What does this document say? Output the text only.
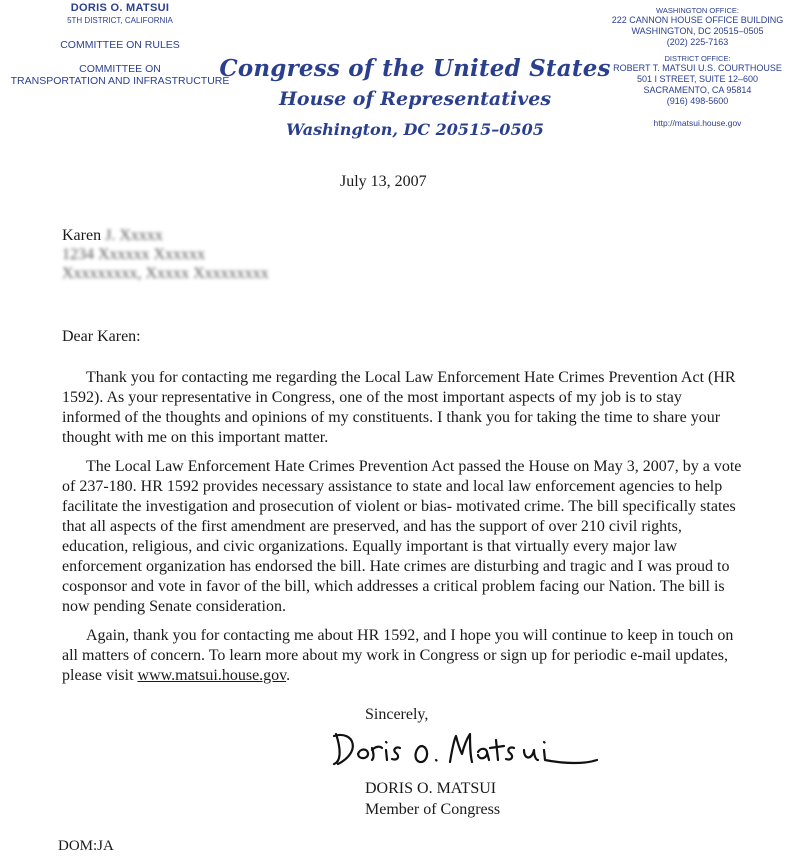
DORIS O. MATSUI
5TH DISTRICT, CALIFORNIA
COMMITTEE ON RULES
COMMITTEE ON
TRANSPORTATION AND INFRASTRUCTURE
Congress of the United States
House of Representatives
Washington, DC 20515–0505
WASHINGTON OFFICE:
222 CANNON HOUSE OFFICE BUILDING
WASHINGTON, DC 20515–0505
(202) 225-7163
DISTRICT OFFICE:
ROBERT T. MATSUI U.S. COURTHOUSE
501 I STREET, SUITE 12–600
SACRAMENTO, CA 95814
(916) 498-5600
http://matsui.house.gov
July 13, 2007
Karen J. Xxxxx
1234 Xxxxxx Xxxxxx
Xxxxxxxxx, Xxxxx Xxxxxxxxx
Dear Karen:

Thank you for contacting me regarding the Local Law Enforcement Hate Crimes Prevention Act (HR 1592). As your representative in Congress, one of the most important aspects of my job is to stay informed of the thoughts and opinions of my constituents. I thank you for taking the time to share your thought with me on this important matter.

The Local Law Enforcement Hate Crimes Prevention Act passed the House on May 3, 2007, by a vote of 237-180. HR 1592 provides necessary assistance to state and local law enforcement agencies to help facilitate the investigation and prosecution of violent or bias- motivated crime. The bill specifically states that all aspects of the first amendment are preserved, and has the support of over 210 civil rights, education, religious, and civic organizations. Equally important is that virtually every major law enforcement organization has endorsed the bill. Hate crimes are disturbing and tragic and I was proud to cosponsor and vote in favor of the bill, which addresses a critical problem facing our Nation. The bill is now pending Senate consideration.

Again, thank you for contacting me about HR 1592, and I hope you will continue to keep in touch on all matters of concern. To learn more about my work in Congress or sign up for periodic e-mail updates, please visit www.matsui.house.gov.

Sincerely,
DORIS O. MATSUI
Member of Congress
DOM:JA
